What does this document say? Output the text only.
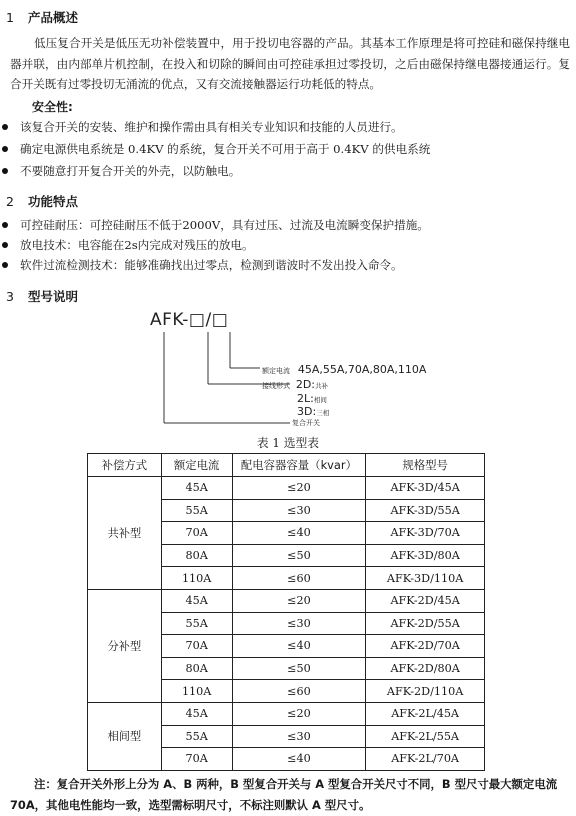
1 产品概述
低压复合开关是低压无功补偿装置中，用于投切电容器的产品。其基本工作原理是将可控硅和磁保持继电器并联，由内部单片机控制，在投入和切除的瞬间由可控硅承担过零投切，之后由磁保持继电器接通运行。复合开关既有过零投切无涌流的优点，又有交流接触器运行功耗低的特点。
安全性:
该复合开关的安装、维护和操作需由具有相关专业知识和技能的人员进行。
确定电源供电系统是 0.4KV 的系统，复合开关不可用于高于 0.4KV 的供电系统
不要随意打开复合开关的外壳，以防触电。
2 功能特点
可控硅耐压：可控硅耐压不低于2000V，具有过压、过流及电流瞬变保护措施。
放电技术：电容能在2s内完成对残压的放电。
软件过流检测技术：能够准确找出过零点，检测到谐波时不发出投入命令。
3 型号说明
AFK-□/□
额定电流 45A,55A,70A,80A,110A
接线形式 2D:共补
2L:相间
3D:三相
复合开关
表 1 选型表
补偿方式	额定电流	配电容器容量（kvar）	规格型号
共补型	45A	≤20	AFK-3D/45A
	55A	≤30	AFK-3D/55A
	70A	≤40	AFK-3D/70A
	80A	≤50	AFK-3D/80A
	110A	≤60	AFK-3D/110A
分补型	45A	≤20	AFK-2D/45A
	55A	≤30	AFK-2D/55A
	70A	≤40	AFK-2D/70A
	80A	≤50	AFK-2D/80A
	110A	≤60	AFK-2D/110A
相间型	45A	≤20	AFK-2L/45A
	55A	≤30	AFK-2L/55A
	70A	≤40	AFK-2L/70A
注：复合开关外形上分为 A、B 两种，B 型复合开关与 A 型复合开关尺寸不同，B 型尺寸最大额定电流 70A，其他电性能均一致，选型需标明尺寸，不标注则默认 A 型尺寸。
